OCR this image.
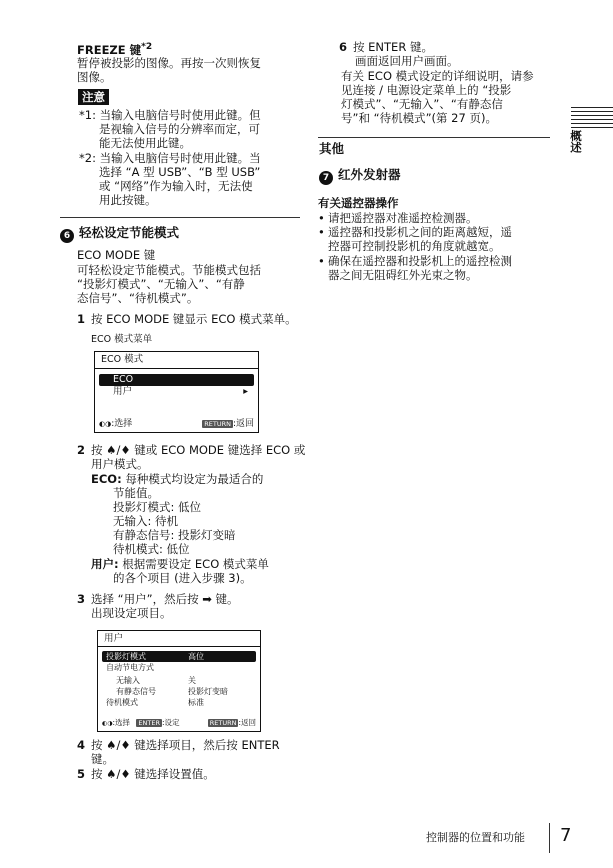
FREEZE 键$^{*2}$

暂停被投影的图像。再按一次则恢复

图像。

注意

*1: 当输入电脑信号时使用此键。但

是视输入信号的分辨率而定，可

能无法使用此键。

*2: 当输入电脑信号时使用此键。当

选择 “A 型 USB”、“B 型 USB”

或 “网络”作为输入时，无法使

用此按键。

6 轻松设定节能模式

ECO MODE 键

可轻松设定节能模式。节能模式包括

“投影灯模式”、“无输入”、“有静

态信号”、“待机模式”。

1 按 ECO MODE 键显示 ECO 模式菜单。

ECO 模式菜单

ECO 模式
ECO
用户	▸
◐◑:选择	RETURN :返回

2 按 ♠/♦ 键或 ECO MODE 键选择 ECO 或

用户模式。

ECO: 每种模式均设定为最适合的

节能值。

投影灯模式: 低位

无输入: 待机

有静态信号: 投影灯变暗

待机模式: 低位

用户: 根据需要设定 ECO 模式菜单

的各个项目 (进入步骤 3)。

3 选择 “用户”，然后按 ➡ 键。

出现设定项目。

用户
投影灯模式	高位
自动节电方式
无输入	关
有静态信号	投影灯变暗
待机模式	标准
◐◑:选择 ENTER :设定	RETURN :返回

4 按 ♠/♦ 键选择项目，然后按 ENTER

键。

5 按 ♠/♦ 键选择设置值。

6 按 ENTER 键。

画面返回用户画面。

有关 ECO 模式设定的详细说明，请参

见连接 / 电源设定菜单上的 “投影

灯模式”、“无输入”、“有静态信

号”和 “待机模式”(第 27 页)。

其他

7 红外发射器

有关遥控器操作

• 请把遥控器对准遥控检测器。

• 遥控器和投影机之间的距离越短，遥

控器可控制投影机的角度就越宽。

• 确保在遥控器和投影机上的遥控检测

器之间无阻碍红外光束之物。

概述

控制器的位置和功能 7
